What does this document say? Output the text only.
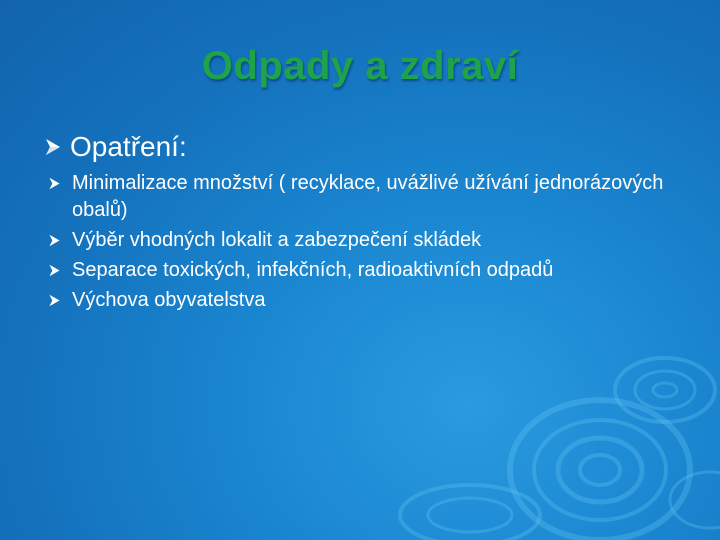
Odpady a zdraví
Opatření:
Minimalizace množství ( recyklace, uvážlivé užívání jednorázových obalů)
Výběr vhodných lokalit a zabezpečení skládek
Separace toxických, infekčních, radioaktivních odpadů
Výchova obyvatelstva
